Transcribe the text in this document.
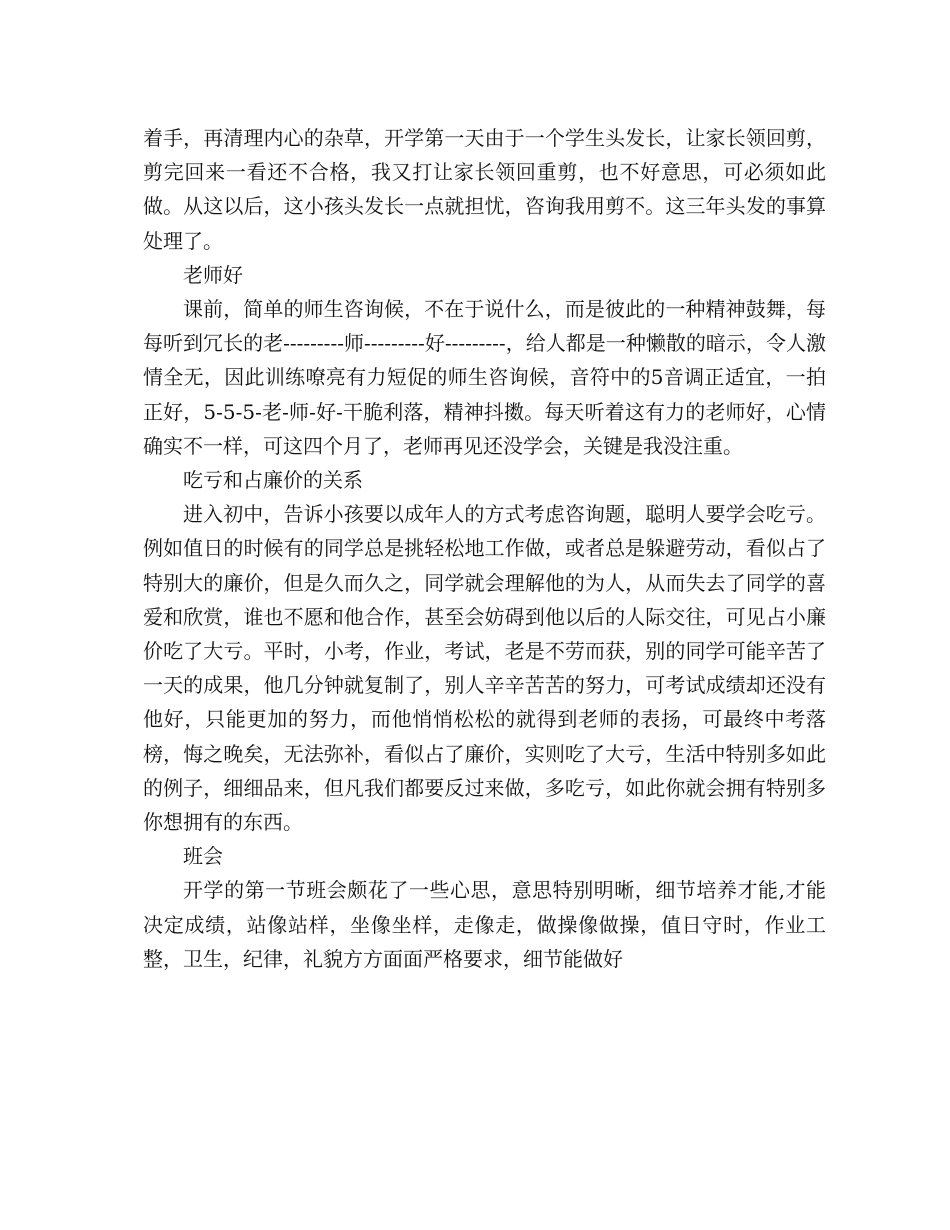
着手，再清理内心的杂草，开学第一天由于一个学生头发长，让家长领回剪，剪完回来一看还不合格，我又打让家长领回重剪，也不好意思，可必须如此做。从这以后，这小孩头发长一点就担忧，咨询我用剪不。这三年头发的事算处理了。

老师好

课前，简单的师生咨询候，不在于说什么，而是彼此的一种精神鼓舞，每每听到冗长的老---------师---------好---------，给人都是一种懒散的暗示，令人激情全无，因此训练嘹亮有力短促的师生咨询候，音符中的5音调正适宜，一拍正好，5-5-5-老-师-好-干脆利落，精神抖擞。每天听着这有力的老师好，心情确实不一样，可这四个月了，老师再见还没学会，关键是我没注重。

吃亏和占廉价的关系

进入初中，告诉小孩要以成年人的方式考虑咨询题，聪明人要学会吃亏。例如值日的时候有的同学总是挑轻松地工作做，或者总是躲避劳动，看似占了特别大的廉价，但是久而久之，同学就会理解他的为人，从而失去了同学的喜爱和欣赏，谁也不愿和他合作，甚至会妨碍到他以后的人际交往，可见占小廉价吃了大亏。平时，小考，作业，考试，老是不劳而获，别的同学可能辛苦了一天的成果，他几分钟就复制了，别人辛辛苦苦的努力，可考试成绩却还没有他好，只能更加的努力，而他悄悄松松的就得到老师的表扬，可最终中考落榜，悔之晚矣，无法弥补，看似占了廉价，实则吃了大亏，生活中特别多如此的例子，细细品来，但凡我们都要反过来做，多吃亏，如此你就会拥有特别多你想拥有的东西。

班会

开学的第一节班会颇花了一些心思，意思特别明晰，细节培养才能,才能决定成绩，站像站样，坐像坐样，走像走，做操像做操，值日守时，作业工整，卫生，纪律，礼貌方方面面严格要求，细节能做好
